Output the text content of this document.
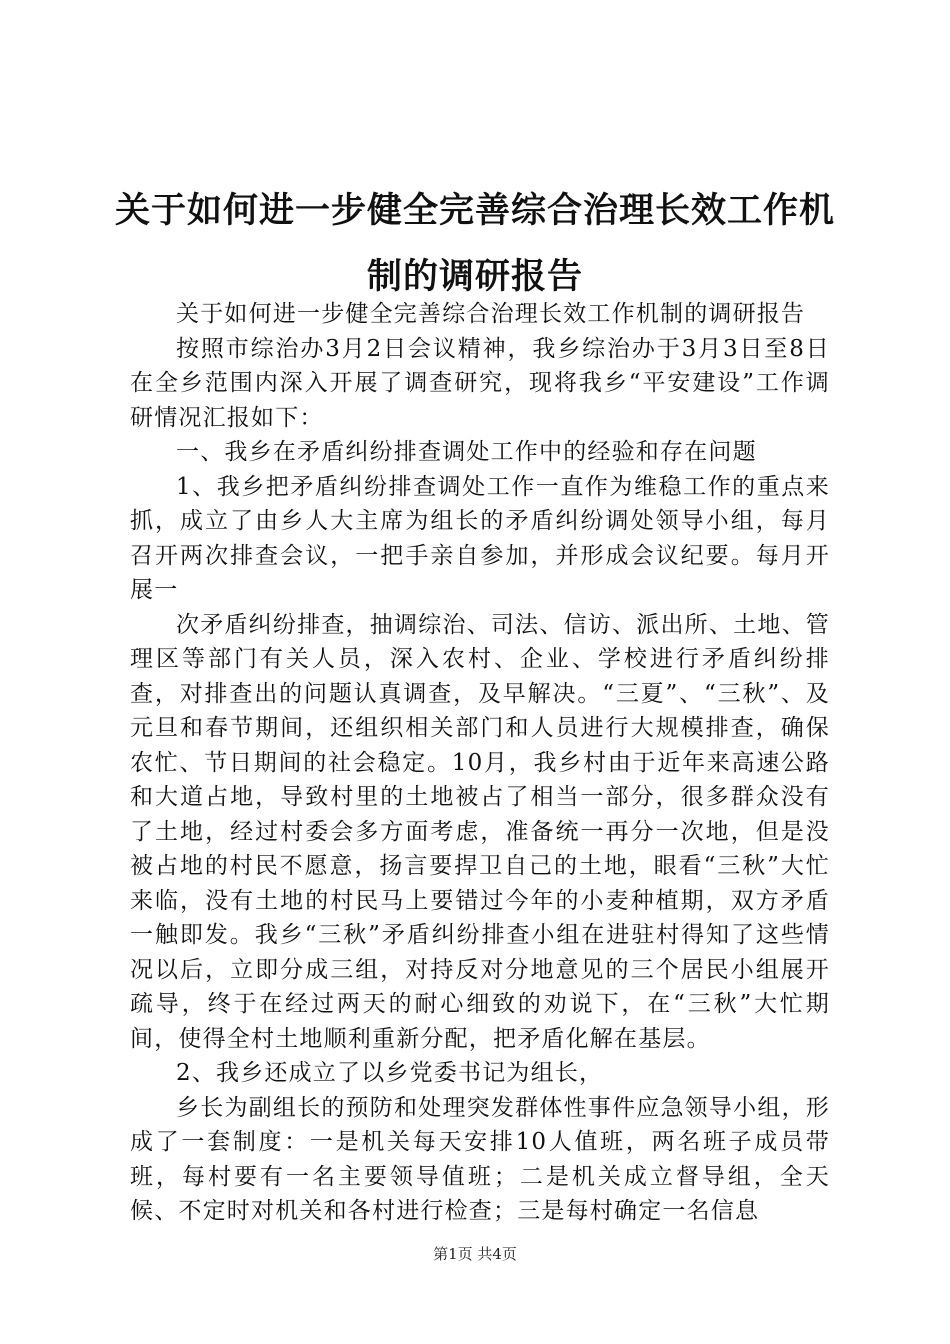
关于如何进一步健全完善综合治理长效工作机
制的调研报告

关于如何进一步健全完善综合治理长效工作机制的调研报告

按照市综治办3月2日会议精神，我乡综治办于3月3日至8日在全乡范围内深入开展了调查研究，现将我乡“平安建设”工作调研情况汇报如下：

一、我乡在矛盾纠纷排查调处工作中的经验和存在问题

1、我乡把矛盾纠纷排查调处工作一直作为维稳工作的重点来抓，成立了由乡人大主席为组长的矛盾纠纷调处领导小组，每月召开两次排查会议，一把手亲自参加，并形成会议纪要。每月开展一

次矛盾纠纷排查，抽调综治、司法、信访、派出所、土地、管理区等部门有关人员，深入农村、企业、学校进行矛盾纠纷排查，对排查出的问题认真调查，及早解决。“三夏”、“三秋”、及元旦和春节期间，还组织相关部门和人员进行大规模排查，确保农忙、节日期间的社会稳定。10月，我乡村由于近年来高速公路和大道占地，导致村里的土地被占了相当一部分，很多群众没有了土地，经过村委会多方面考虑，准备统一再分一次地，但是没被占地的村民不愿意，扬言要捍卫自己的土地，眼看“三秋”大忙来临，没有土地的村民马上要错过今年的小麦种植期，双方矛盾一触即发。我乡“三秋”矛盾纠纷排查小组在进驻村得知了这些情况以后，立即分成三组，对持反对分地意见的三个居民小组展开疏导，终于在经过两天的耐心细致的劝说下，在“三秋”大忙期间，使得全村土地顺利重新分配，把矛盾化解在基层。

2、我乡还成立了以乡党委书记为组长，

乡长为副组长的预防和处理突发群体性事件应急领导小组，形成了一套制度：一是机关每天安排10人值班，两名班子成员带班，每村要有一名主要领导值班；二是机关成立督导组，全天候、不定时对机关和各村进行检查；三是每村确定一名信息

第1页 共4页
